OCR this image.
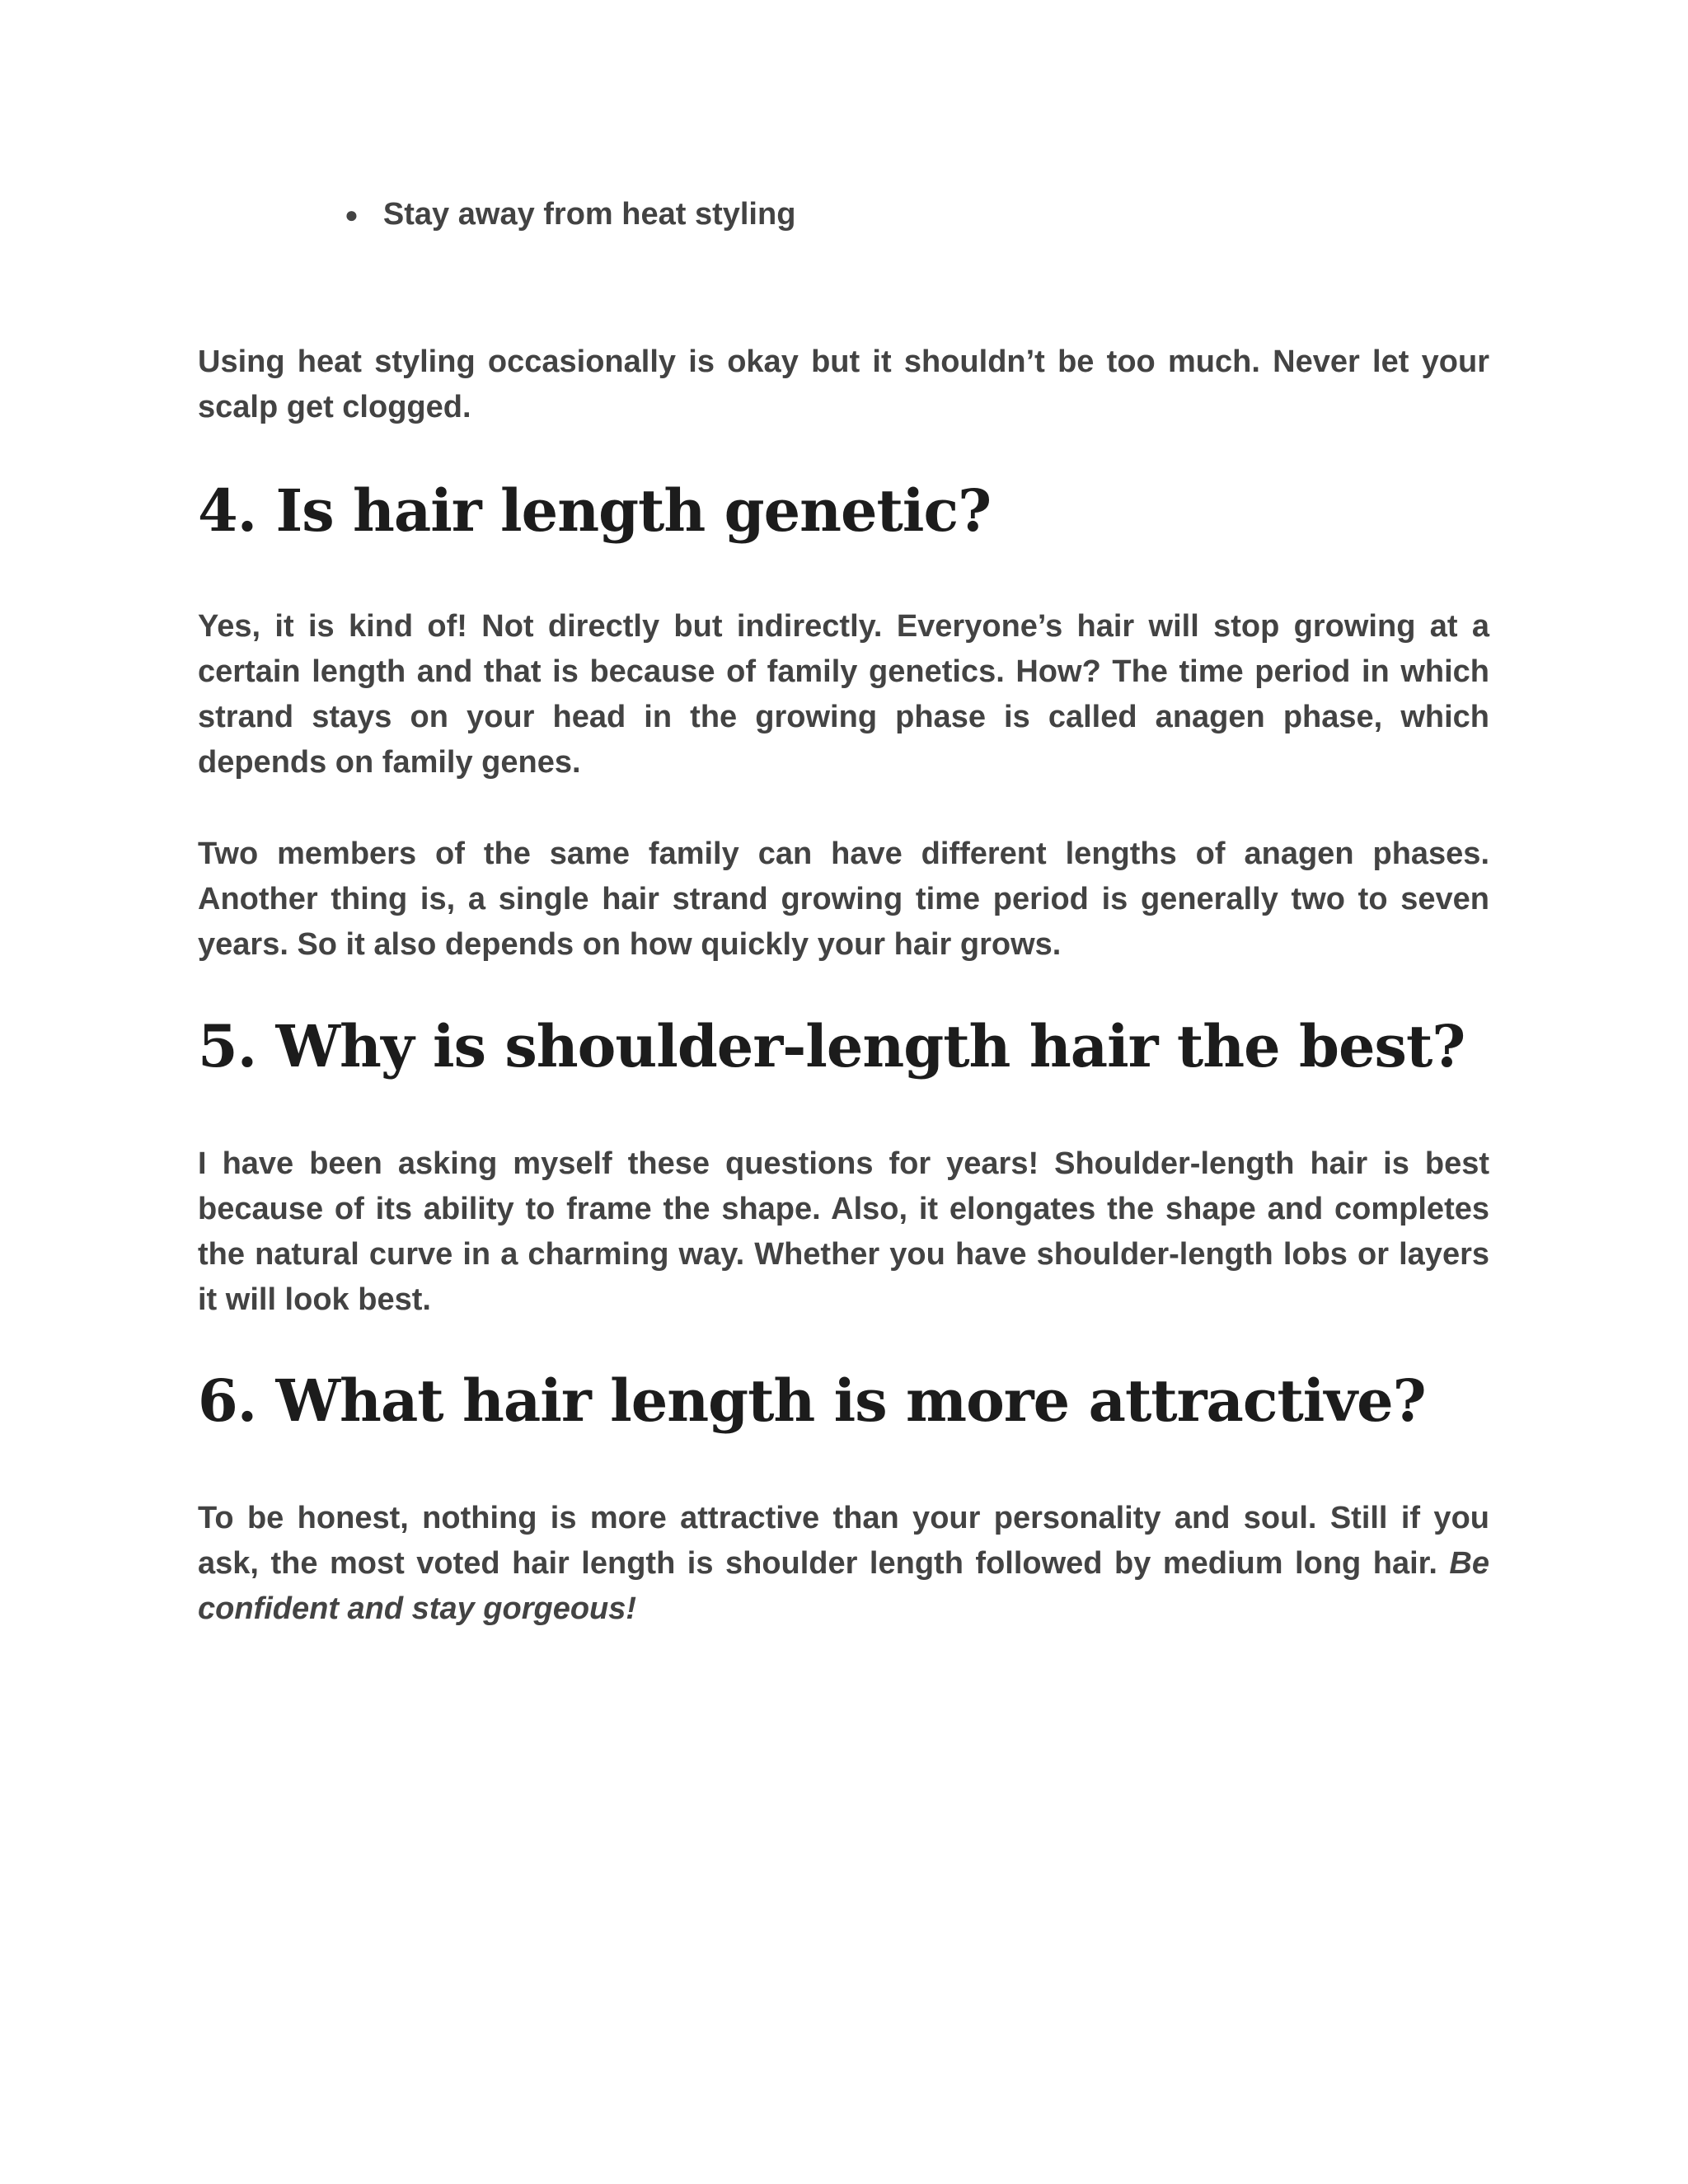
● Stay away from heat styling

Using heat styling occasionally is okay but it shouldn’t be too much. Never let your scalp get clogged.

4. Is hair length genetic?

Yes, it is kind of! Not directly but indirectly. Everyone’s hair will stop growing at a certain length and that is because of family genetics. How? The time period in which strand stays on your head in the growing phase is called anagen phase, which depends on family genes.

Two members of the same family can have different lengths of anagen phases. Another thing is, a single hair strand growing time period is generally two to seven years. So it also depends on how quickly your hair grows.

5. Why is shoulder-length hair the best?

I have been asking myself these questions for years! Shoulder-length hair is best because of its ability to frame the shape. Also, it elongates the shape and completes the natural curve in a charming way. Whether you have shoulder-length lobs or layers it will look best.

6. What hair length is more attractive?

To be honest, nothing is more attractive than your personality and soul. Still if you ask, the most voted hair length is shoulder length followed by medium long hair. Be confident and stay gorgeous!
